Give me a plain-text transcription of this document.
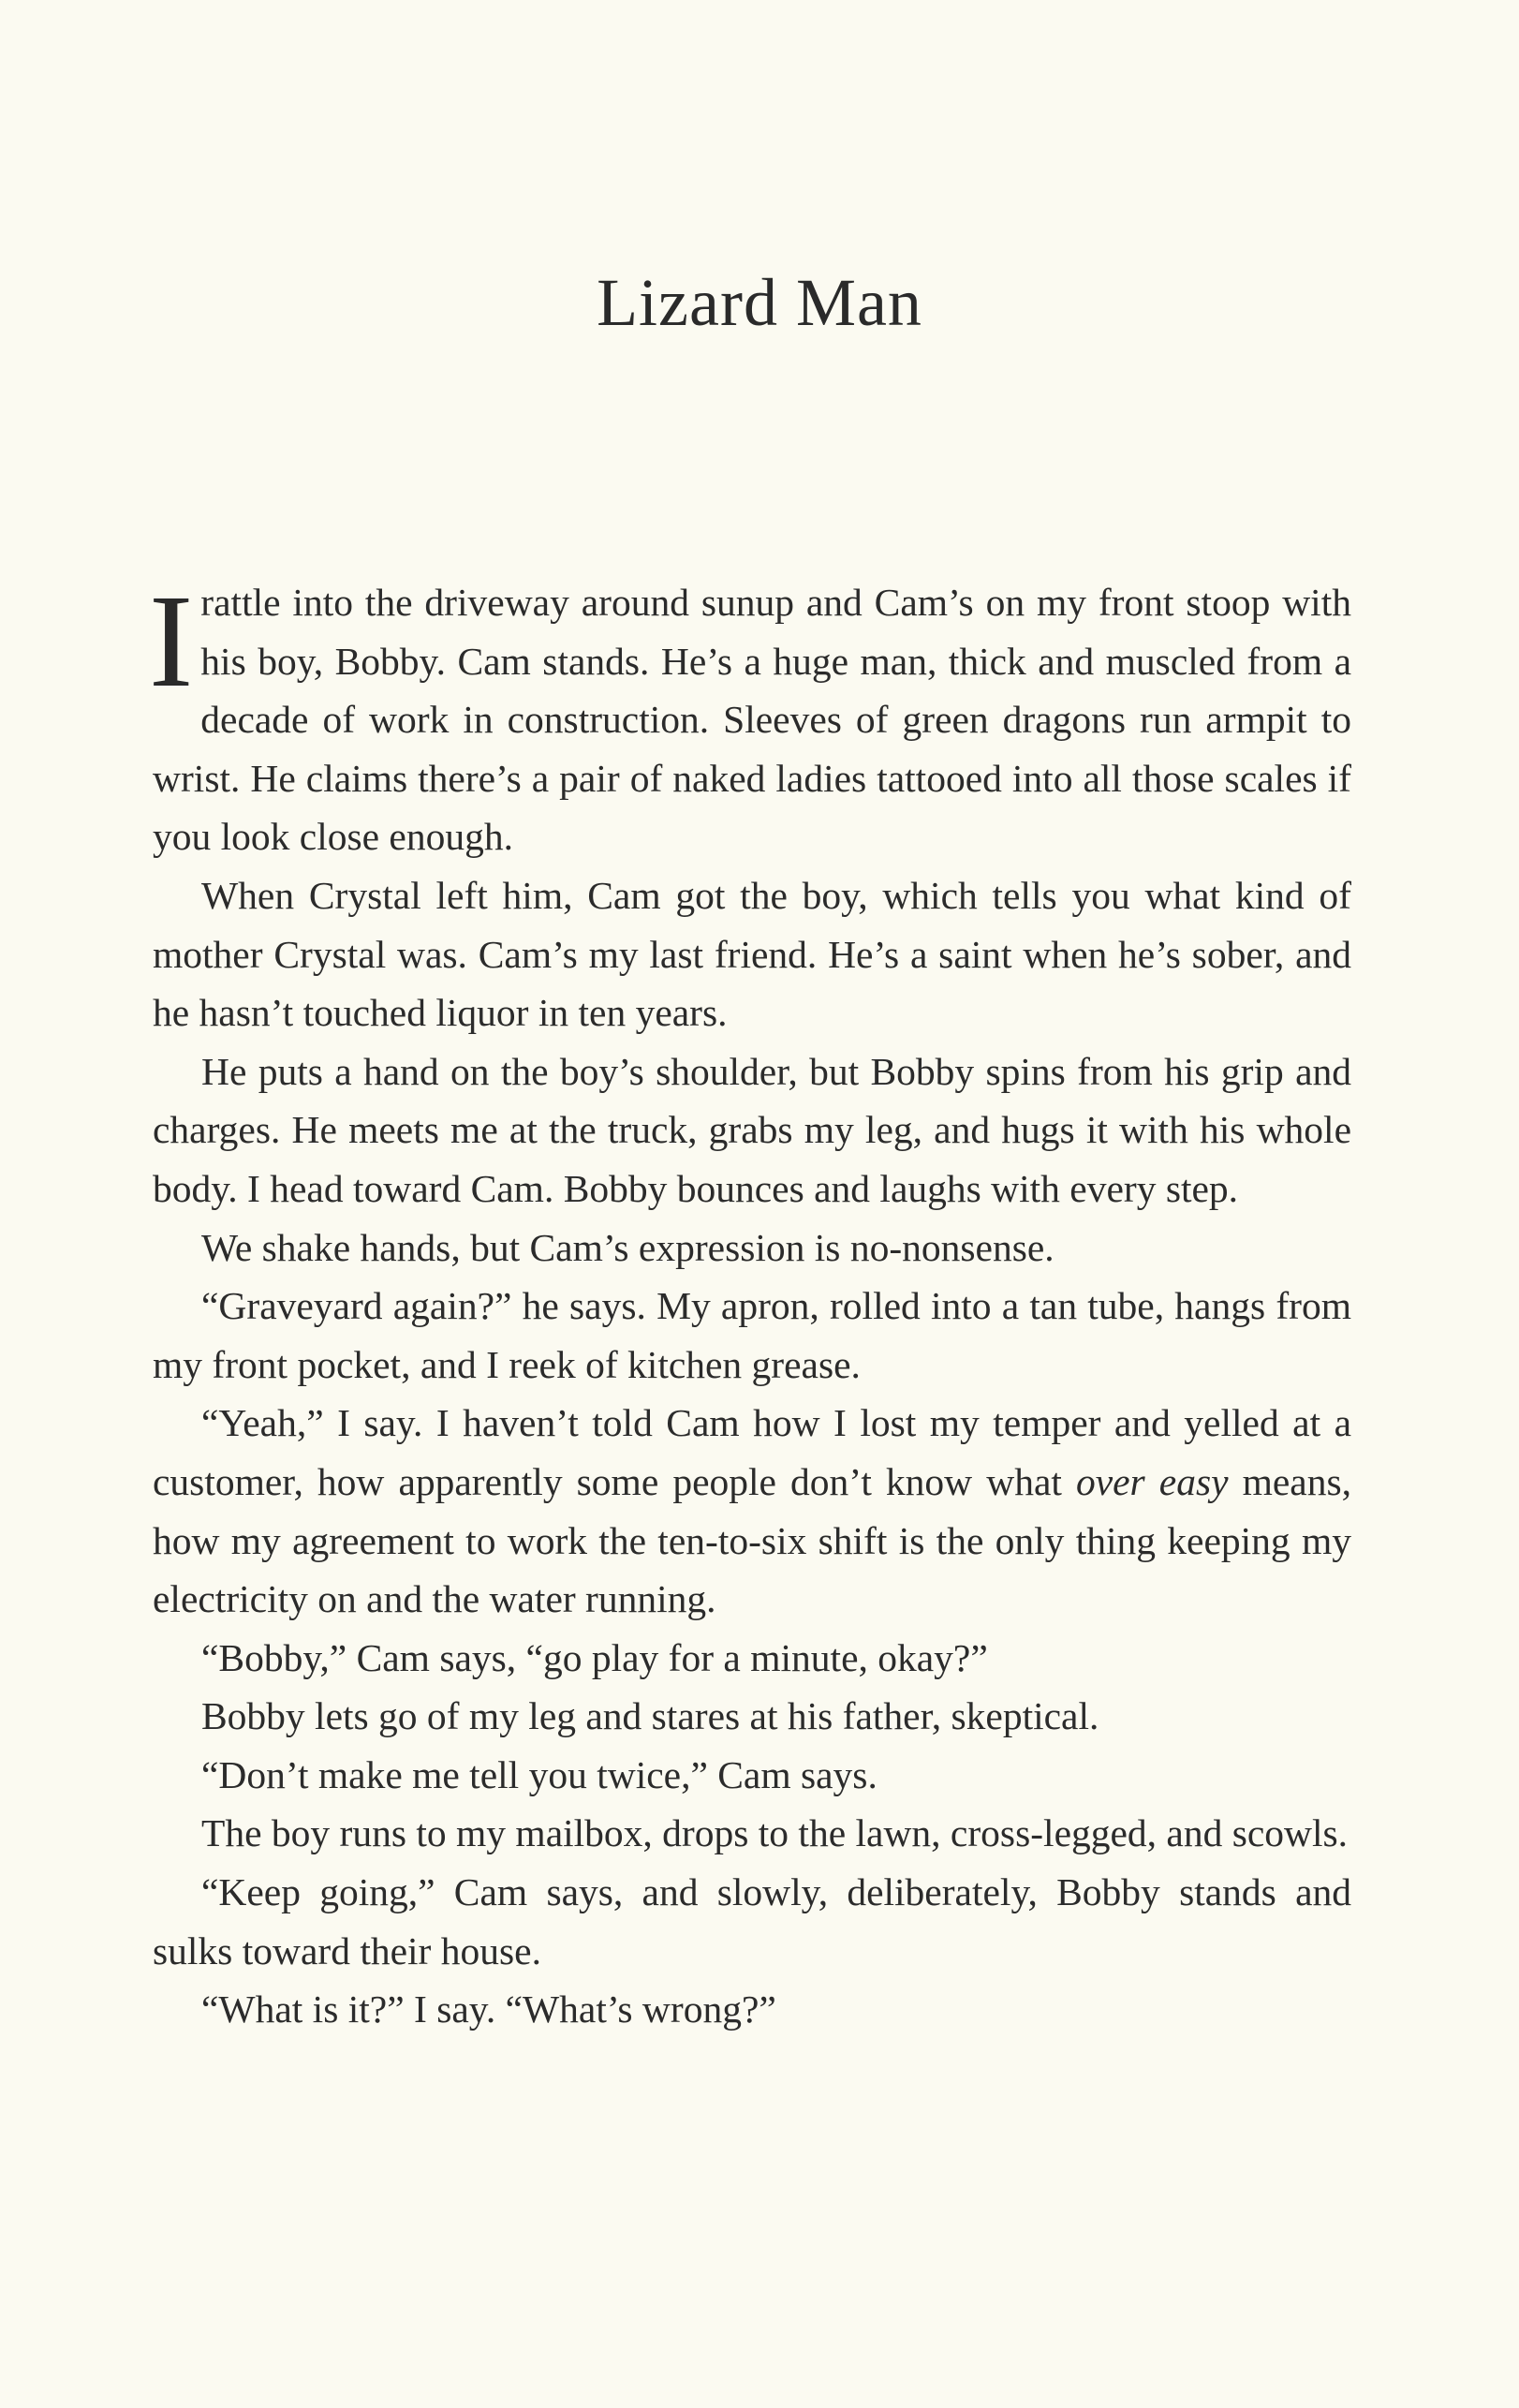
Lizard Man

I rattle into the driveway around sunup and Cam’s on my front stoop with his boy, Bobby. Cam stands. He’s a huge man, thick and muscled from a decade of work in construction. Sleeves of green dragons run armpit to wrist. He claims there’s a pair of naked ladies tattooed into all those scales if you look close enough.

When Crystal left him, Cam got the boy, which tells you what kind of mother Crystal was. Cam’s my last friend. He’s a saint when he’s sober, and he hasn’t touched liquor in ten years.

He puts a hand on the boy’s shoulder, but Bobby spins from his grip and charges. He meets me at the truck, grabs my leg, and hugs it with his whole body. I head toward Cam. Bobby bounces and laughs with every step.

We shake hands, but Cam’s expression is no-nonsense.

“Graveyard again?” he says. My apron, rolled into a tan tube, hangs from my front pocket, and I reek of kitchen grease.

“Yeah,” I say. I haven’t told Cam how I lost my temper and yelled at a customer, how apparently some people don’t know what over easy means, how my agreement to work the ten-to-six shift is the only thing keeping my electricity on and the water running.

“Bobby,” Cam says, “go play for a minute, okay?”

Bobby lets go of my leg and stares at his father, skeptical.

“Don’t make me tell you twice,” Cam says.

The boy runs to my mailbox, drops to the lawn, cross-legged, and scowls.

“Keep going,” Cam says, and slowly, deliberately, Bobby stands and sulks toward their house.

“What is it?” I say. “What’s wrong?”
